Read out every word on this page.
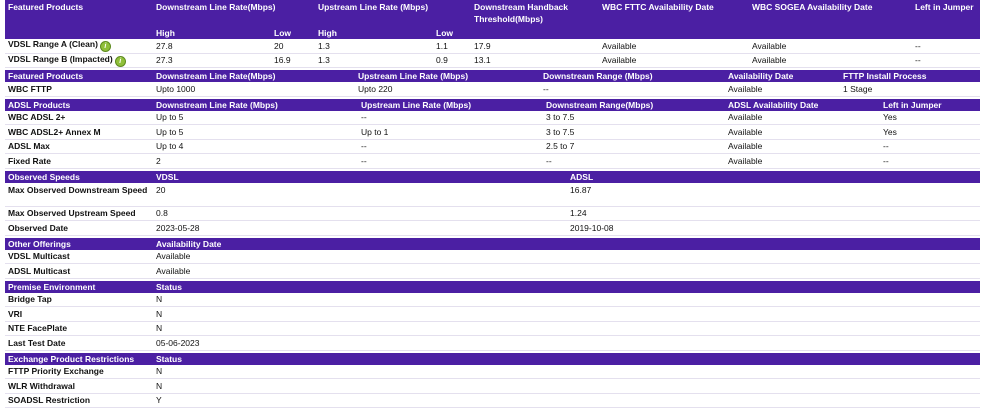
Featured Products	Downstream Line Rate(Mbps)		Upstream Line Rate (Mbps)		Downstream Handback Threshold(Mbps)	WBC FTTC Availability Date	WBC SOGEA Availability Date	Left in Jumper
	High	Low	High	Low				
VDSL Range A (Clean) i	27.8	20	1.3	1.1	17.9	Available	Available	--
VDSL Range B (Impacted) i	27.3	16.9	1.3	0.9	13.1	Available	Available	--
Featured Products	Downstream Line Rate(Mbps)	Upstream Line Rate (Mbps)	Downstream Range (Mbps)	Availability Date	FTTP Install Process
WBC FTTP	Upto 1000	Upto 220	--	Available	1 Stage
ADSL Products	Downstream Line Rate (Mbps)	Upstream Line Rate (Mbps)	Downstream Range(Mbps)	ADSL Availability Date	Left in Jumper
WBC ADSL 2+	Up to 5	--	3 to 7.5	Available	Yes
WBC ADSL2+ Annex M	Up to 5	Up to 1	3 to 7.5	Available	Yes
ADSL Max	Up to 4	--	2.5 to 7	Available	--
Fixed Rate	2	--	--	Available	--
Observed Speeds	VDSL	ADSL
Max Observed Downstream Speed	20	16.87
Max Observed Upstream Speed	0.8	1.24
Observed Date	2023-05-28	2019-10-08
Other Offerings	Availability Date
VDSL Multicast	Available
ADSL Multicast	Available
Premise Environment	Status
Bridge Tap	N
VRI	N
NTE FacePlate	N
Last Test Date	05-06-2023
Exchange Product Restrictions	Status
FTTP Priority Exchange	N
WLR Withdrawal	N
SOADSL Restriction	Y
